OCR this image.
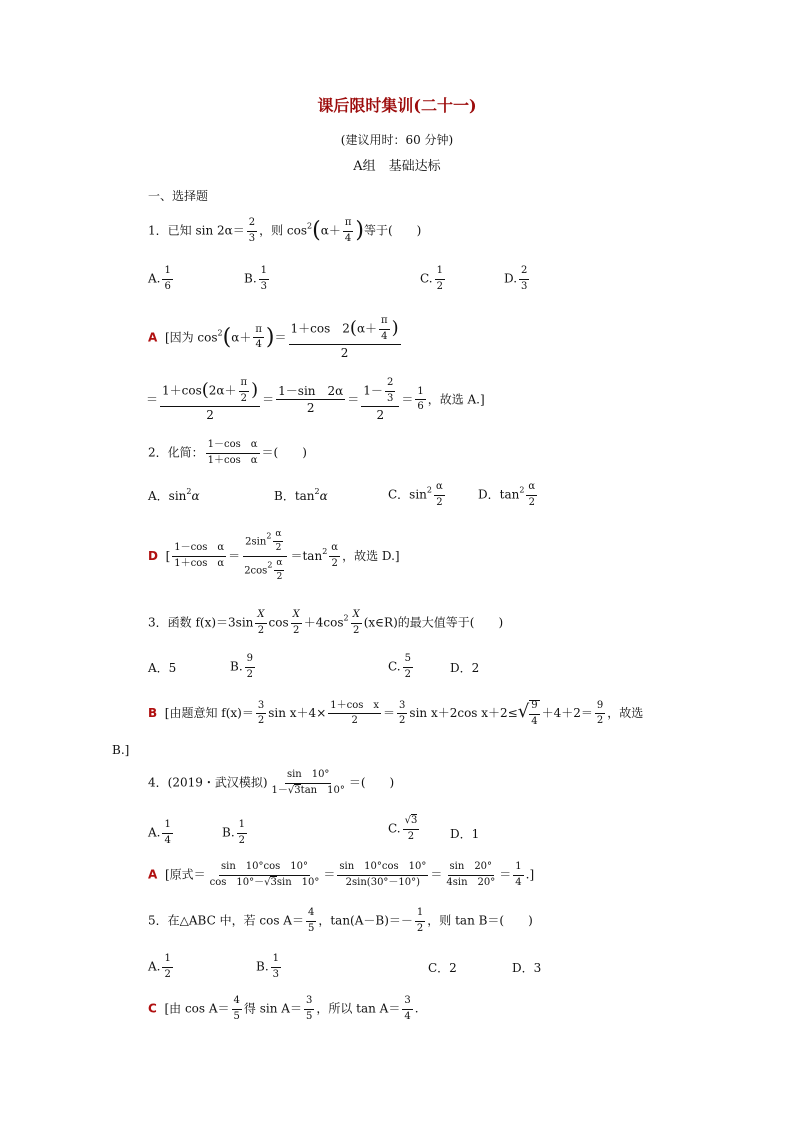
课后限时集训(二十一)
(建议用时：60 分钟)
A组　基础达标
一、选择题
1．已知 $\sin 2\alpha= \frac{2}{3}$ ，则 $\cos^2(\alpha+ \frac{\pi}{4}$ )等于(　　)
A. $\frac{1}{6}$	B. $\frac{1}{3}$	C. $\frac{1}{2}$	D. $\frac{2}{3}$
A [因为 $\cos^2(\alpha+ \frac{\pi}{4}$ )＝ $\frac{1+\cos 2(\alpha+ \frac{\pi}{4} )}{2}$
＝ $\frac{1+\cos(2\alpha+ \frac{\pi}{2} )}{2} = \frac{1-\sin 2\alpha}{2} = \frac{1- \frac{2}{3}}{2} = \frac{1}{6}$ ，故选 A.]
2．化简： $\frac{\text{1－cos　α}}{\text{1＋cos　α}}$ ＝(　　)
A．$\sin^2\alpha$	B．$\tan^2\alpha$	C．$\sin^2 \frac{\alpha}{2}$	D．$\tan^2 \frac{\alpha}{2}$
D [ $\frac{\text{1－cos　α}}{\text{1＋cos　α}} = \frac{2\sin^2 \frac{\alpha}{2}}{2\cos^2 \frac{\alpha}{2}} =\tan^2 \frac{\alpha}{2}$ ，故选 D.]
3．函数 $f(x)=3\sin \frac{X}{2}$ $\cos \frac{X}{2} +4\cos^2 \frac{X}{2}$ (x∈R)的最大值等于(　　)
A．5	B. $\frac{9}{2}$	C. $\frac{5}{2}$	D．2
B [由题意知 $f(x)= \frac{3}{2}$ $\sin x+4\times \frac{\text{1＋cos　x}}{2} = \frac{3}{2}$ sin x＋2cos $x+2\le√ \frac{9}{4} +4+2= \frac{9}{2}$ ，故选
B.]
4．(2019・武汉模拟) $\frac{\sin 10^\circ}{1-√3\tan 10^\circ}$ ＝(　　)
A. $\frac{1}{4}$	B. $\frac{1}{2}$	C. $\frac{√3}{2}$	D．1
A [原式＝ $\frac{\sin 10^\circ\cos 10^\circ}{\cos 10^\circ-√3\sin 10^\circ} = \frac{\sin 10^\circ\cos 10^\circ}{2\sin(30^\circ-10^\circ)} = \frac{\sin 20^\circ}{4\sin 20^\circ} = \frac{1}{4}$ .]
5．在△ABC 中，若 $\cos A= \frac{4}{5}$ ，$\tan(A-B)=- \frac{1}{2}$ ，则 tan B＝(　　)
A. $\frac{1}{2}$	B. $\frac{1}{3}$	C．2	D．3
C [由 $\cos A= \frac{4}{5}$ 得 $\sin A= \frac{3}{5}$ ，所以 $\tan A= \frac{3}{4}$ .
